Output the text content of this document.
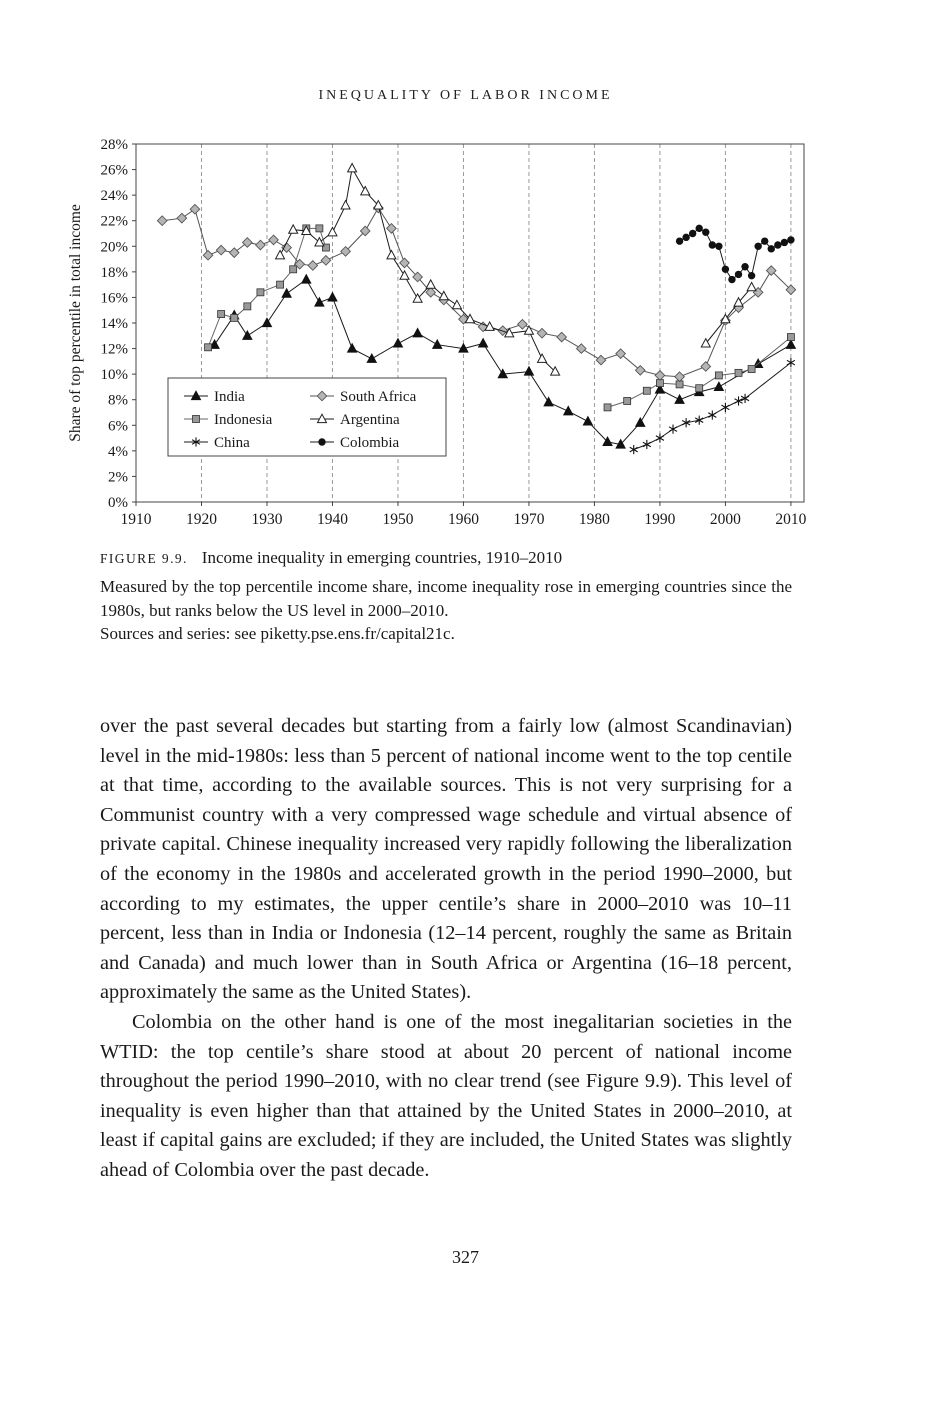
INEQUALITY OF LABOR INCOME
0%
2%
4%
6%
8%
10%
12%
14%
16%
18%
20%
22%
24%
26%
28%
1910 1920 1930 1940 1950 1960 1970 1980 1990 2000 2010
Share of top percentile in total income	India
Indonesia
China
South Africa
Argentina
Colombia

FIGURE 9.9. Income inequality in emerging countries, 1910–2010

Measured by the top percentile income share, income inequality rose in emerging countries since the 1980s, but ranks below the US level in 2000–2010.

Sources and series: see piketty.pse.ens.fr/capital21c.

over the past several decades but starting from a fairly low (almost Scandinavian) level in the mid-1980s: less than 5 percent of national income went to the top centile at that time, according to the available sources. This is not very surprising for a Communist country with a very compressed wage schedule and virtual absence of private capital. Chinese inequality increased very rapidly following the liberalization of the economy in the 1980s and accelerated growth in the period 1990–2000, but according to my estimates, the upper centile’s share in 2000–2010 was 10–11 percent, less than in India or Indonesia (12–14 percent, roughly the same as Britain and Canada) and much lower than in South Africa or Argentina (16–18 percent, approximately the same as the United States).

Colombia on the other hand is one of the most inegalitarian societies in the WTID: the top centile’s share stood at about 20 percent of national income throughout the period 1990–2010, with no clear trend (see Figure 9.9). This level of inequality is even higher than that attained by the United States in 2000–2010, at least if capital gains are excluded; if they are included, the United States was slightly ahead of Colombia over the past decade.

327
